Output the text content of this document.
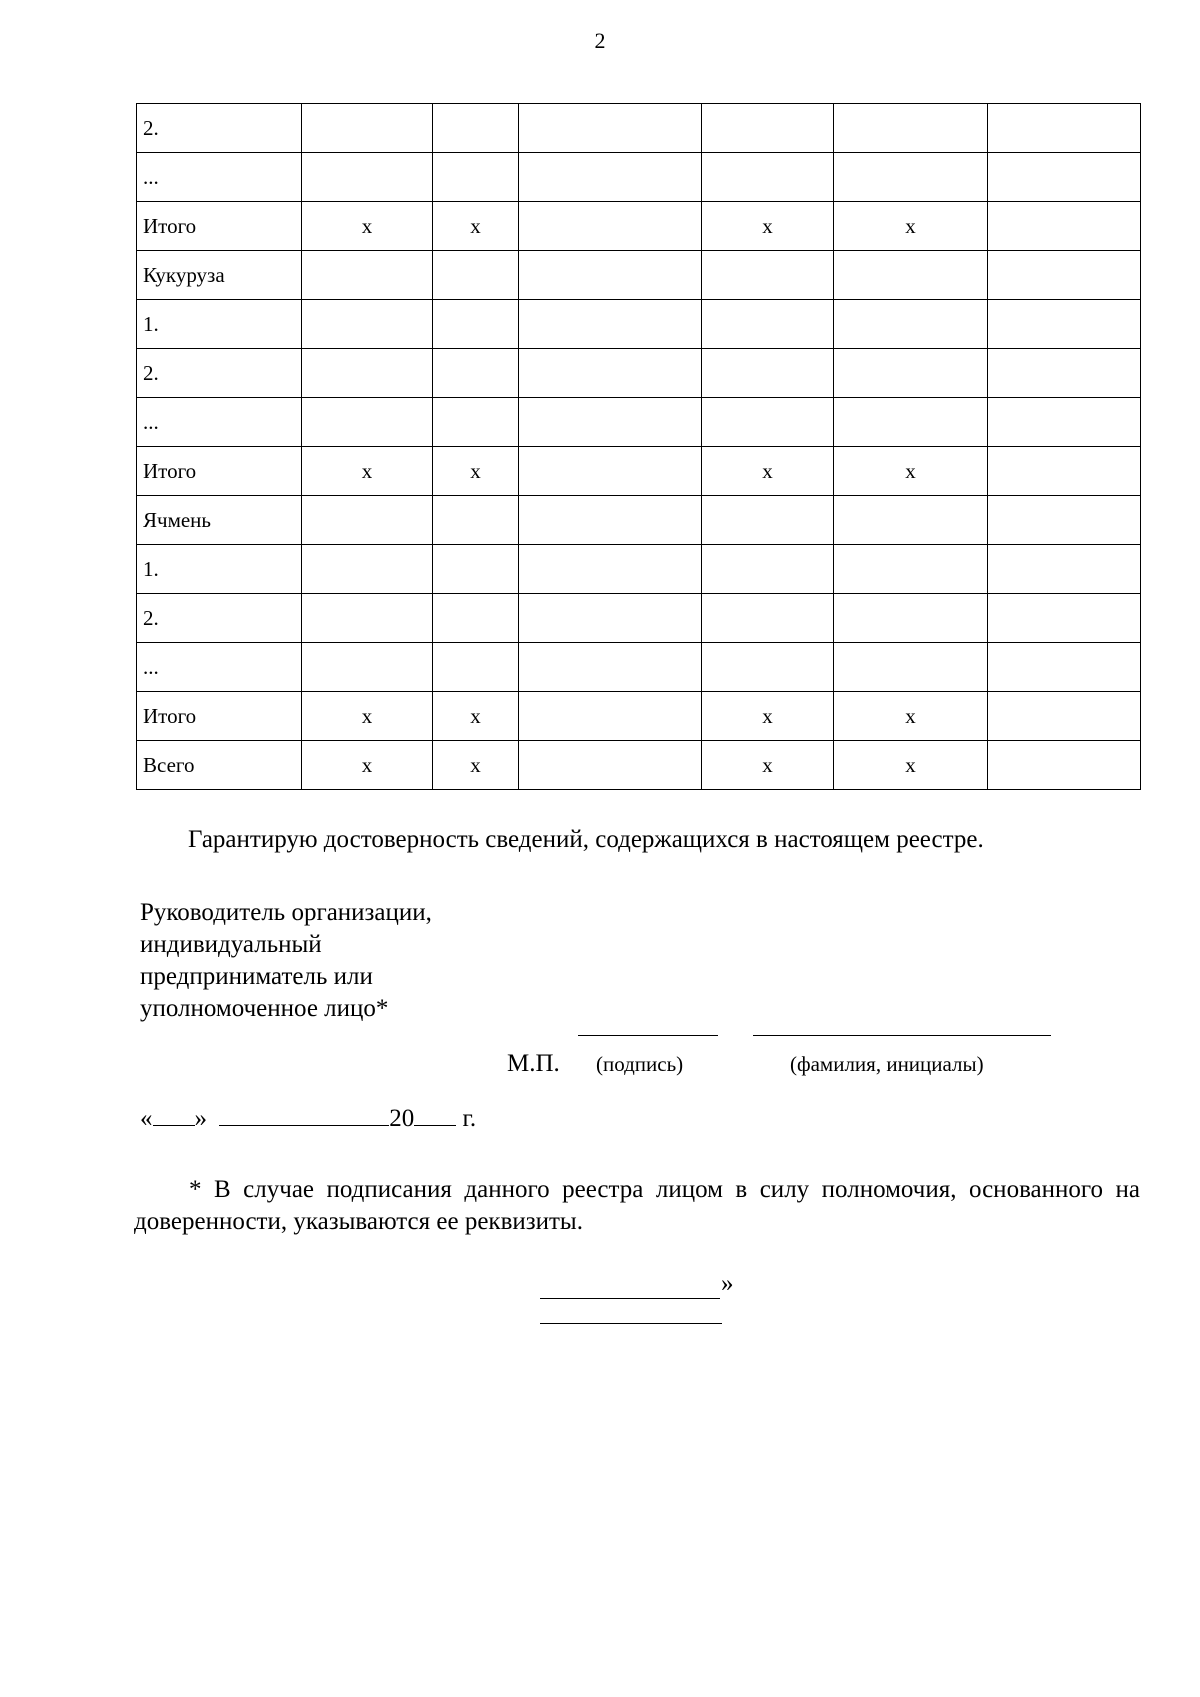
2
2.						
...						
Итого	x	x		x	x	
Кукуруза						
1.						
2.						
...						
Итого	x	x		x	x	
Ячмень						
1.						
2.						
...						
Итого	x	x		x	x	
Всего	x	x		x	x	
Гарантирую достоверность сведений, содержащихся в настоящем реестре.
Руководитель организации,
индивидуальный
предприниматель или
уполномоченное лицо*
М.П. (подпись)	(фамилия, инициалы)
« »	20 г.
* В случае подписания данного реестра лицом в силу полномочия, основанного на доверенности, указываются ее реквизиты.
»
